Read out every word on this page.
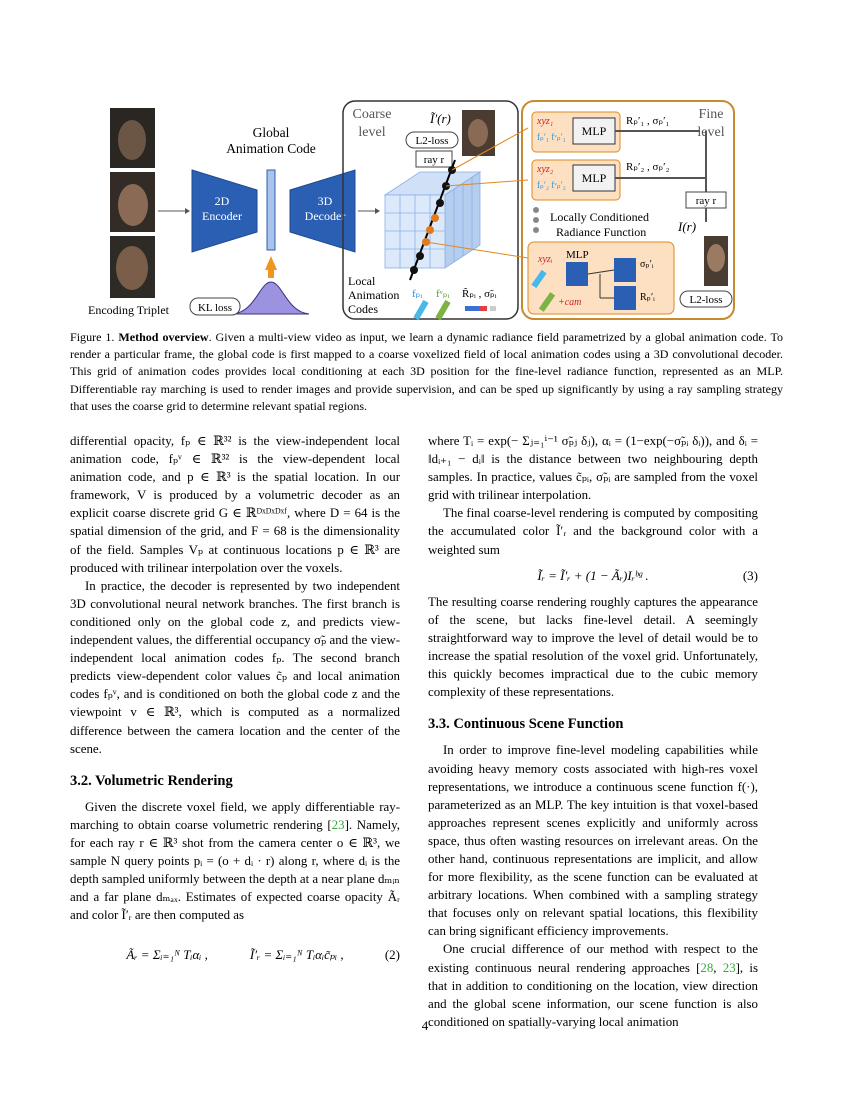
Encoding Triplet
2D
Encoder
Global
Animation Code
KL loss
3D
Decoder
Coarse
level
Ĩ′(r)
L2-loss
ray r
Local
Animation
Codes
fₚᵢ fᵛₚᵢ R̃ₚᵢ , σ̃ₚᵢ
Fine
level
xyz₁
fₚ′₁ fᵛₚ′₁ MLP
Rₚ′₁ , σₚ′₁
xyz₂
fₚ′₂ fᵛₚ′₂ MLP
Rₚ′₂ , σₚ′₂
Locally Conditioned
Radiance Function
ray r
I(r)
L2-loss
xyzᵢ MLP
σₚ′ᵢ
Rₚ′ᵢ
+cam
Figure 1. Method overview. Given a multi-view video as input, we learn a dynamic radiance field parametrized by a global animation code. To render a particular frame, the global code is first mapped to a coarse voxelized field of local animation codes using a 3D convolutional decoder. This grid of animation codes provides local conditioning at each 3D position for the fine-level radiance function, represented as an MLP. Differentiable ray marching is used to render images and provide supervision, and can be sped up significantly by using a ray sampling strategy that uses the coarse grid to determine relevant spatial regions.

differential opacity, fₚ ∈ ℝ³² is the view-independent local animation code, fₚᵛ ∈ ℝ³² is the view-dependent local animation code, and p ∈ ℝ³ is the spatial location. In our framework, V is produced by a volumetric decoder as an explicit coarse discrete grid G ∈ ℝᴰˣᴰˣᴰˣᶠ, where D = 64 is the spatial dimension of the grid, and F = 68 is the dimensionality of the field. Samples Vₚ at continuous locations p ∈ ℝ³ are produced with trilinear interpolation over the voxels.

In practice, the decoder is represented by two independent 3D convolutional neural network branches. The first branch is conditioned only on the global code z, and predicts view-independent values, the differential occupancy σ̃ₚ and the view-independent local animation codes fₚ. The second branch predicts view-dependent color values c̃ₚ and local animation codes fₚᵛ, and is conditioned on both the global code z and the viewpoint v ∈ ℝ³, which is computed as a normalized difference between the camera location and the center of the scene.

3.2. Volumetric Rendering

Given the discrete voxel field, we apply differentiable ray-marching to obtain coarse volumetric rendering [23]. Namely, for each ray r ∈ ℝ³ shot from the camera center o ∈ ℝ³, we sample N query points pᵢ = (o + dᵢ · r) along r, where dᵢ is the depth sampled uniformly between the depth at a near plane dₘᵢₙ and a far plane dₘₐₓ. Estimates of expected coarse opacity Ãᵣ and color Ĩ′ᵣ are then computed as

Ãᵣ = Σᵢ₌₁ᴺ Tᵢαᵢ ,	Ĩ′ᵣ = Σᵢ₌₁ᴺ Tᵢαᵢc̃ₚᵢ ,	(2)

where Tᵢ = exp(− Σⱼ₌₁ⁱ⁻¹ σ̃ₚⱼ δⱼ), αᵢ = (1−exp(−σ̃ₚᵢ δᵢ)), and δᵢ = ‖dᵢ₊₁ − dᵢ‖ is the distance between two neighbouring depth samples. In practice, values c̃ₚᵢ, σ̃ₚᵢ are sampled from the voxel grid with trilinear interpolation.

The final coarse-level rendering is computed by compositing the accumulated color Ĩ′ᵣ and the background color with a weighted sum

Ĩᵣ = Ĩ′ᵣ + (1 − Ãᵣ)Iᵣᵇᵍ .	(3)

The resulting coarse rendering roughly captures the appearance of the scene, but lacks fine-level detail. A seemingly straightforward way to improve the level of detail would be to increase the spatial resolution of the voxel grid. Unfortunately, this quickly becomes impractical due to the cubic memory complexity of these representations.

3.3. Continuous Scene Function

In order to improve fine-level modeling capabilities while avoiding heavy memory costs associated with high-res voxel representations, we introduce a continuous scene function f(·), parameterized as an MLP. The key intuition is that voxel-based approaches represent scenes explicitly and uniformly across space, thus often wasting resources on irrelevant areas. On the other hand, continuous representations are implicit, and allow for more flexibility, as the scene function can be evaluated at arbitrary locations. When combined with a sampling strategy that focuses only on relevant spatial locations, this flexibility can bring significant efficiency improvements.

One crucial difference of our method with respect to the existing continuous neural rendering approaches [28, 23], is that in addition to conditioning on the location, view direction and the global scene information, our scene function is also conditioned on spatially-varying local animation

4
